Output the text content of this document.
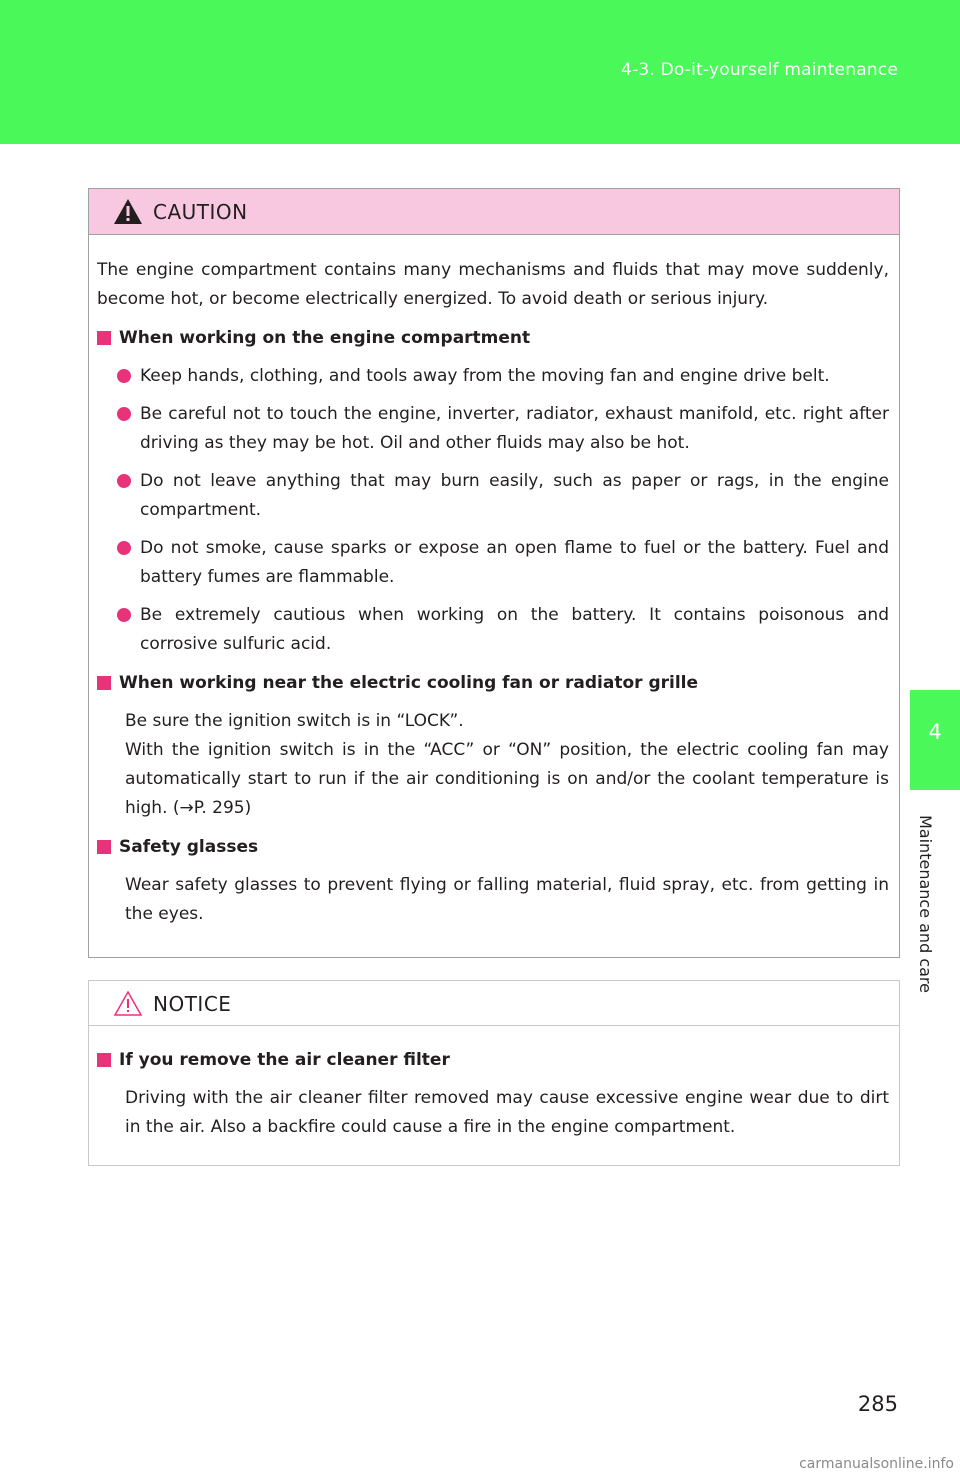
4-3. Do-it-yourself maintenance
4
Maintenance and care
CAUTION
The engine compartment contains many mechanisms and fluids that may move suddenly, become hot, or become electrically energized. To avoid death or serious injury.
When working on the engine compartment
Keep hands, clothing, and tools away from the moving fan and engine drive belt.
Be careful not to touch the engine, inverter, radiator, exhaust manifold, etc. right after driving as they may be hot. Oil and other fluids may also be hot.
Do not leave anything that may burn easily, such as paper or rags, in the engine compartment.
Do not smoke, cause sparks or expose an open flame to fuel or the battery. Fuel and battery fumes are flammable.
Be extremely cautious when working on the battery. It contains poisonous and corrosive sulfuric acid.
When working near the electric cooling fan or radiator grille
Be sure the ignition switch is in “LOCK”.
With the ignition switch is in the “ACC” or “ON” position, the electric cooling fan may automatically start to run if the air conditioning is on and/or the coolant temperature is high. (→P. 295)
Safety glasses
Wear safety glasses to prevent flying or falling material, fluid spray, etc. from getting in the eyes.
NOTICE
If you remove the air cleaner filter
Driving with the air cleaner filter removed may cause excessive engine wear due to dirt in the air. Also a backfire could cause a fire in the engine compartment.
285
carmanualsonline.info
